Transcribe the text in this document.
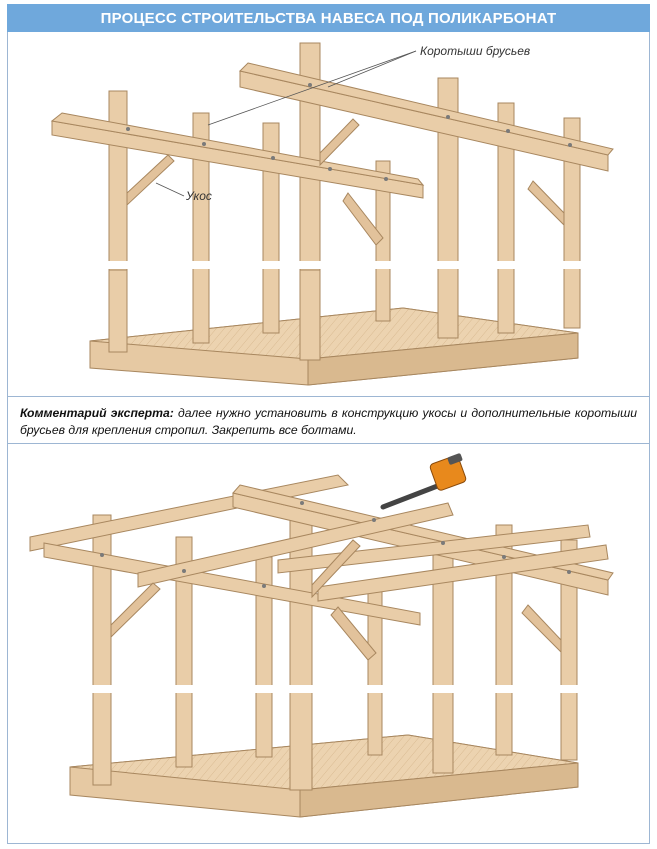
ПРОЦЕСС СТРОИТЕЛЬСТВА НАВЕСА ПОД ПОЛИКАРБОНАТ
Коротыши брусьев
Укос
Комментарий эксперта: далее нужно установить в конструкцию укосы и дополнительные коротыши брусьев для крепления стропил. Закрепить все болтами.
